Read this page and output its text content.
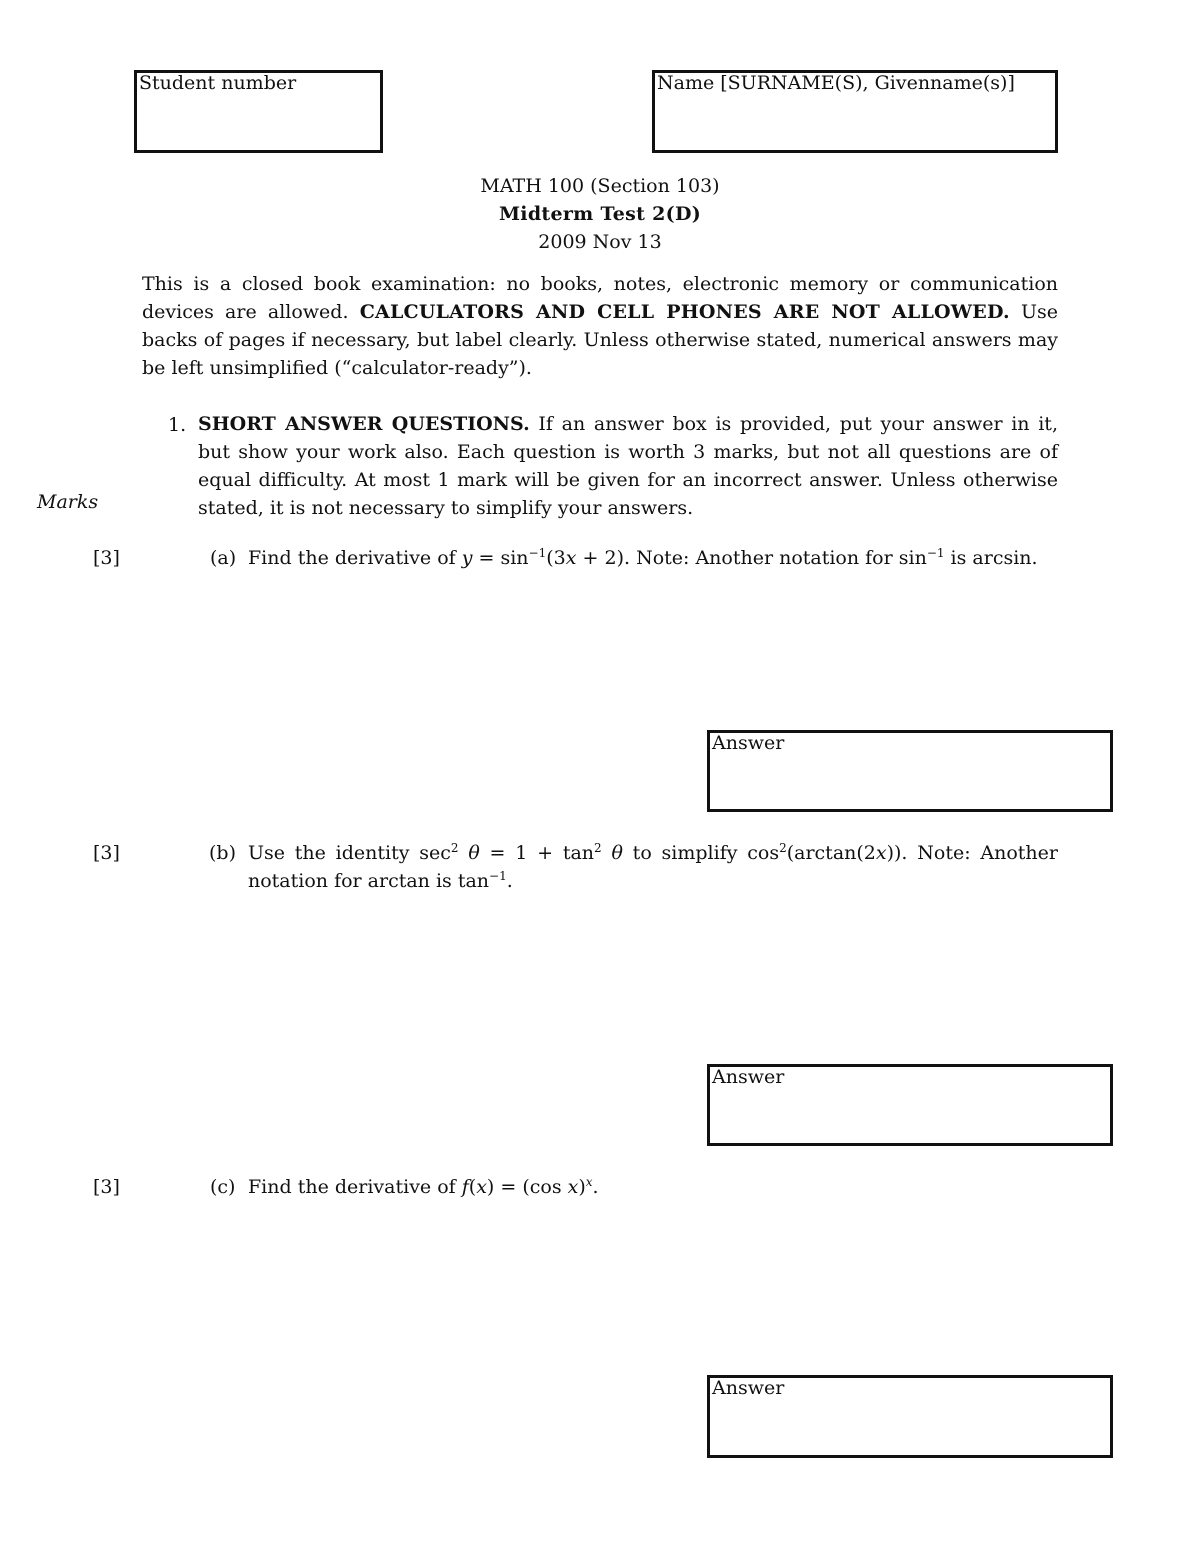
Student number	Name [SURNAME(S), Givenname(s)]
MATH 100 (Section 103)
Midterm Test 2(D)
2009 Nov 13
This is a closed book examination: no books, notes, electronic memory or communication devices are allowed. CALCULATORS AND CELL PHONES ARE NOT ALLOWED. Use backs of pages if necessary, but label clearly. Unless otherwise stated, numerical answers may be left unsimplified (“calculator-ready”).
1. SHORT ANSWER QUESTIONS. If an answer box is provided, put your answer in it, but show your work also. Each question is worth 3 marks, but not all questions are of equal difficulty. At most 1 mark will be given for an incorrect answer. Unless otherwise stated, it is not necessary to simplify your answers.
Marks
[3]	(a) Find the derivative of $y = \sin^{-1}(3x + 2)$. Note: Another notation for $\sin^{-1}$ is arcsin.
Answer
[3]	(b) Use the identity $\sec^2 \theta = 1 + \tan^2 \theta$ to simplify $\cos^2(\arctan(2x))$. Note: Another notation for arctan is $\tan^{-1}$.
Answer
[3]	(c) Find the derivative of f(x) = (cos x)$^x$.
Answer
